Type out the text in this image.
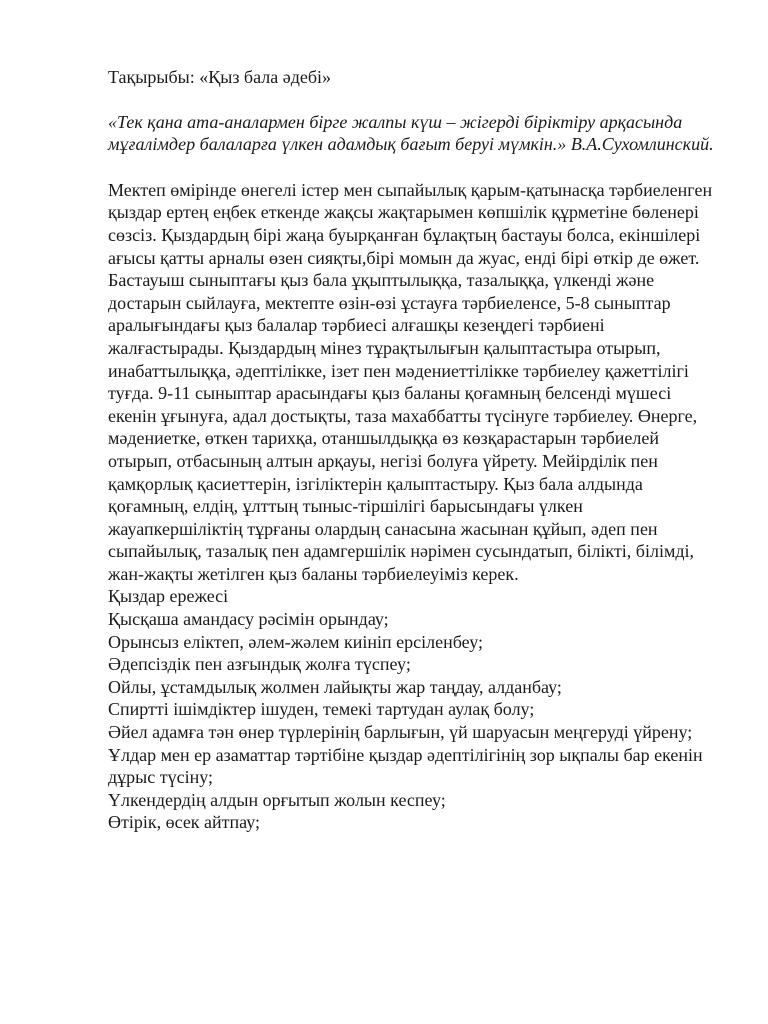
Тақырыбы: «Қыз бала әдебі»

«Тек қана ата-аналармен бірге жалпы күш – жігерді біріктіру арқасында мұғалімдер балаларға үлкен адамдық бағыт беруі мүмкін.» В.А.Сухомлинский.

Мектеп өмірінде өнегелі істер мен сыпайылық қарым-қатынасқа тәрбиеленген қыздар ертең еңбек еткенде жақсы жақтарымен көпшілік құрметіне бөленері сөзсіз. Қыздардың бірі жаңа буырқанған бұлақтың бастауы болса, екіншілері ағысы қатты арналы өзен сияқты,бірі момын да жуас, енді бірі өткір де өжет. Бастауыш сыныптағы қыз бала ұқыптылыққа, тазалыққа, үлкенді және достарын сыйлауға, мектепте өзін-өзі ұстауға тәрбиеленсе, 5-8 сыныптар аралығындағы қыз балалар тәрбиесі алғашқы кезеңдегі тәрбиені жалғастырады. Қыздардың мінез тұрақтылығын қалыптастыра отырып, инабаттылыққа, әдептілікке, ізет пен мәдениеттілікке тәрбиелеу қажеттілігі туғда. 9-11 сыныптар арасындағы қыз баланы қоғамның белсенді мүшесі екенін ұғынуға, адал достықты, таза махаббатты түсінуге тәрбиелеу. Өнерге, мәдениетке, өткен тарихқа, отаншылдыққа өз көзқарастарын тәрбиелей отырып, отбасының алтын арқауы, негізі болуға үйрету. Мейірділік пен қамқорлық қасиеттерін, ізгіліктерін қалыптастыру. Қыз бала алдында қоғамның, елдің, ұлттың тыныс-тіршілігі барысындағы үлкен жауапкершіліктің тұрғаны олардың санасына жасынан құйып, әдеп пен сыпайылық, тазалық пен адамгершілік нәрімен сусындатып, білікті, білімді, жан-жақты жетілген қыз баланы тәрбиелеуіміз керек.

Қыздар ережесі

Қысқаша амандасу рәсімін орындау;
Орынсыз еліктеп, әлем-жәлем киініп ерсіленбеу;
Әдепсіздік пен азғындық жолға түспеу;
Ойлы, ұстамдылық жолмен лайықты жар таңдау, алданбау;
Спиртті ішімдіктер ішуден, темекі тартудан аулақ болу;
Әйел адамға тән өнер түрлерінің барлығын, үй шаруасын меңгеруді үйрену;
Ұлдар мен ер азаматтар тәртібіне қыздар әдептілігінің зор ықпалы бар екенін дұрыс түсіну;
Үлкендердің алдын орғытып жолын кеспеу;
Өтірік, өсек айтпау;
